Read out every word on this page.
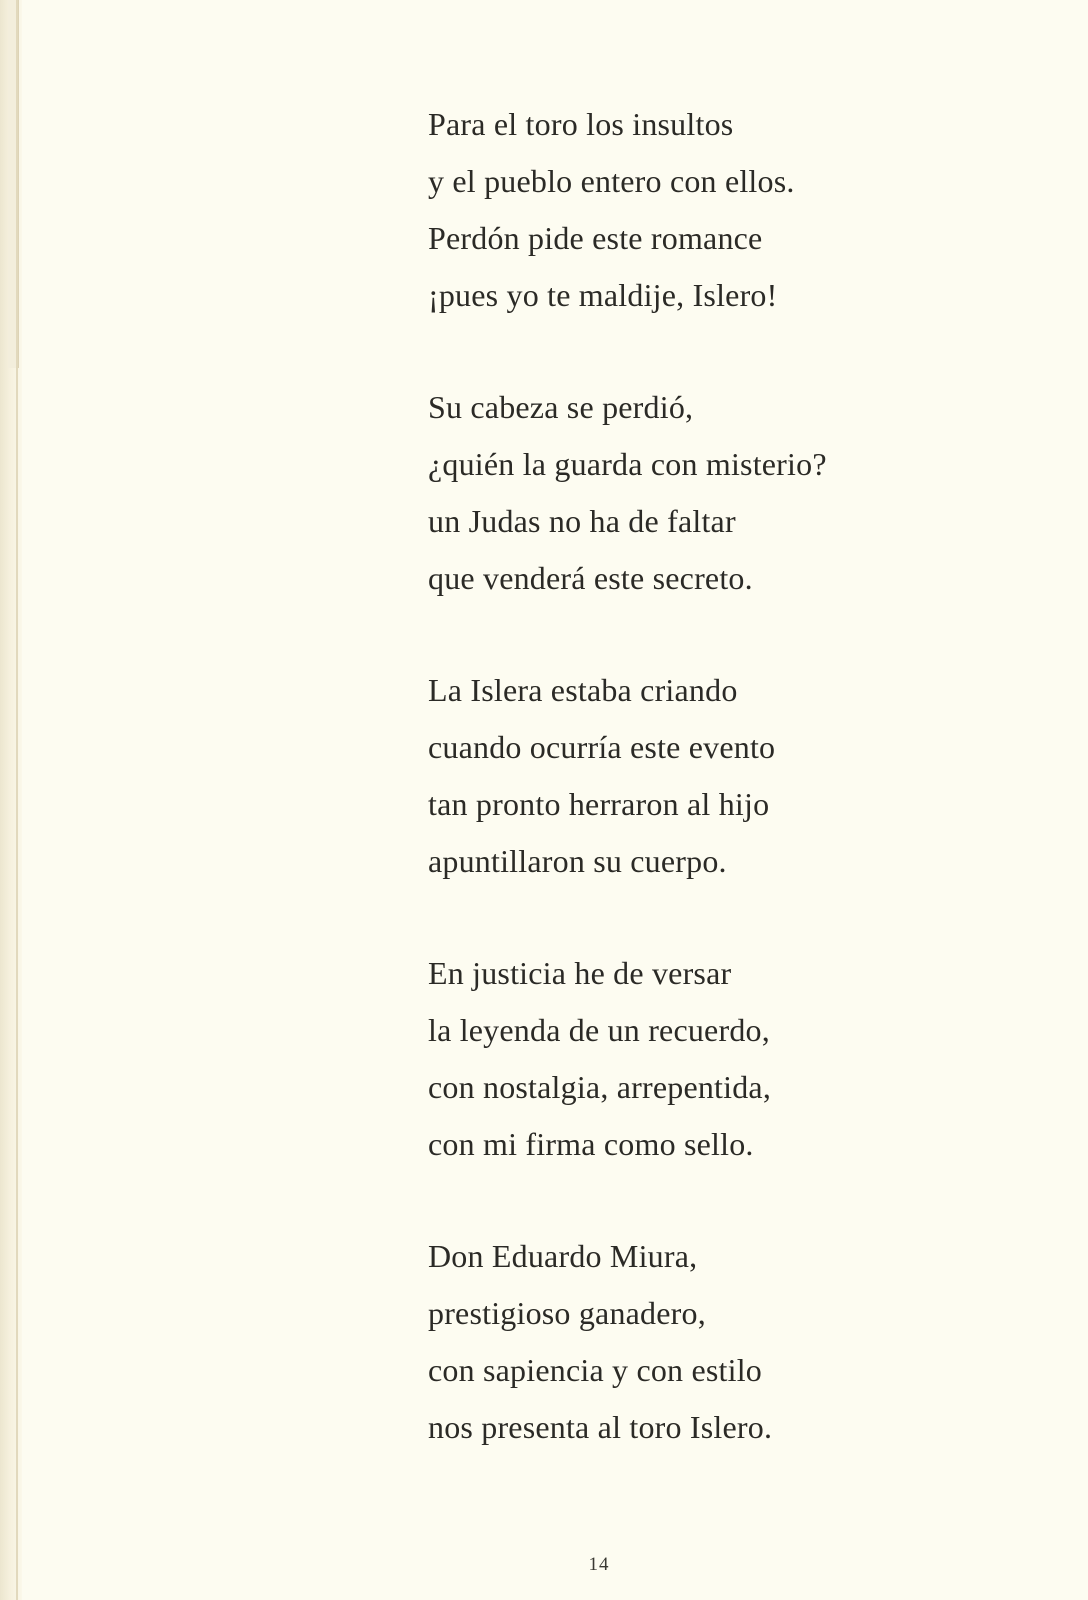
Para el toro los insultos
y el pueblo entero con ellos.
Perdón pide este romance
¡pues yo te maldije, Islero!
Su cabeza se perdió,
¿quién la guarda con misterio?
un Judas no ha de faltar
que venderá este secreto.
La Islera estaba criando
cuando ocurría este evento
tan pronto herraron al hijo
apuntillaron su cuerpo.
En justicia he de versar
la leyenda de un recuerdo,
con nostalgia, arrepentida,
con mi firma como sello.
Don Eduardo Miura,
prestigioso ganadero,
con sapiencia y con estilo
nos presenta al toro Islero.
14
